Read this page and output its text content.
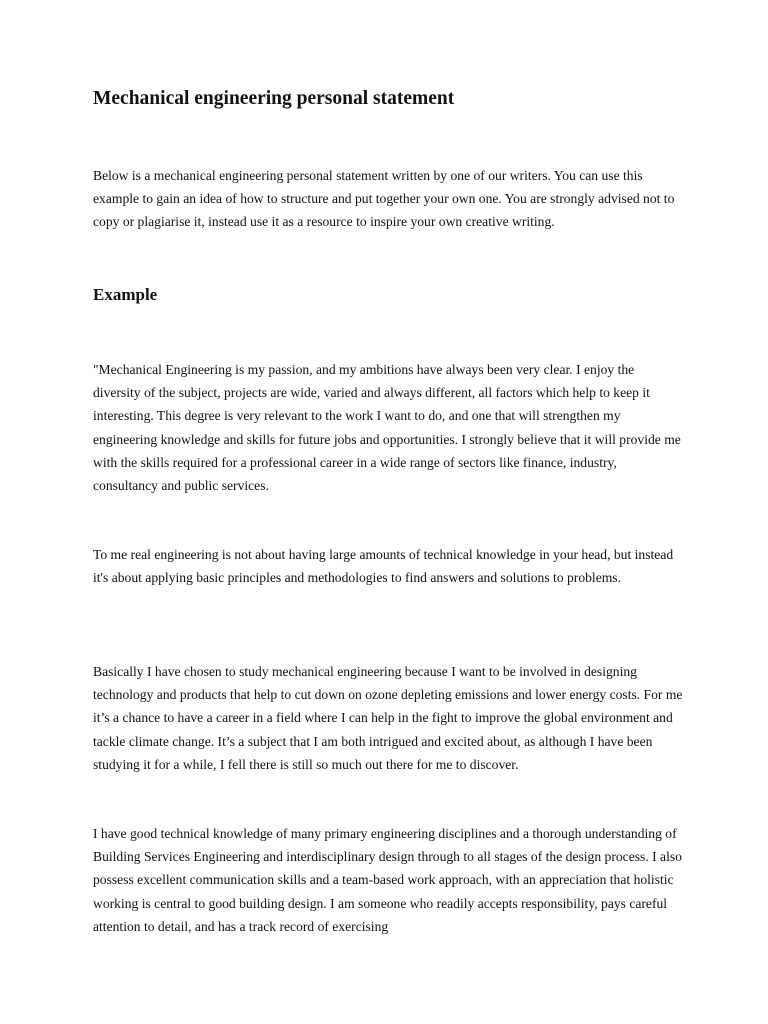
Mechanical engineering personal statement

Below is a mechanical engineering personal statement written by one of our writers. You can use this example to gain an idea of how to structure and put together your own one. You are strongly advised not to copy or plagiarise it, instead use it as a resource to inspire your own creative writing.

Example

"Mechanical Engineering is my passion, and my ambitions have always been very clear. I enjoy the diversity of the subject, projects are wide, varied and always different, all factors which help to keep it interesting. This degree is very relevant to the work I want to do, and one that will strengthen my engineering knowledge and skills for future jobs and opportunities. I strongly believe that it will provide me with the skills required for a professional career in a wide range of sectors like finance, industry, consultancy and public services.

To me real engineering is not about having large amounts of technical knowledge in your head, but instead it's about applying basic principles and methodologies to find answers and solutions to problems.

Basically I have chosen to study mechanical engineering because I want to be involved in designing technology and products that help to cut down on ozone depleting emissions and lower energy costs. For me it’s a chance to have a career in a field where I can help in the fight to improve the global environment and tackle climate change. It’s a subject that I am both intrigued and excited about, as although I have been studying it for a while, I fell there is still so much out there for me to discover.

I have good technical knowledge of many primary engineering disciplines and a thorough understanding of Building Services Engineering and interdisciplinary design through to all stages of the design process. I also possess excellent communication skills and a team-based work approach, with an appreciation that holistic working is central to good building design. I am someone who readily accepts responsibility, pays careful attention to detail, and has a track record of exercising
